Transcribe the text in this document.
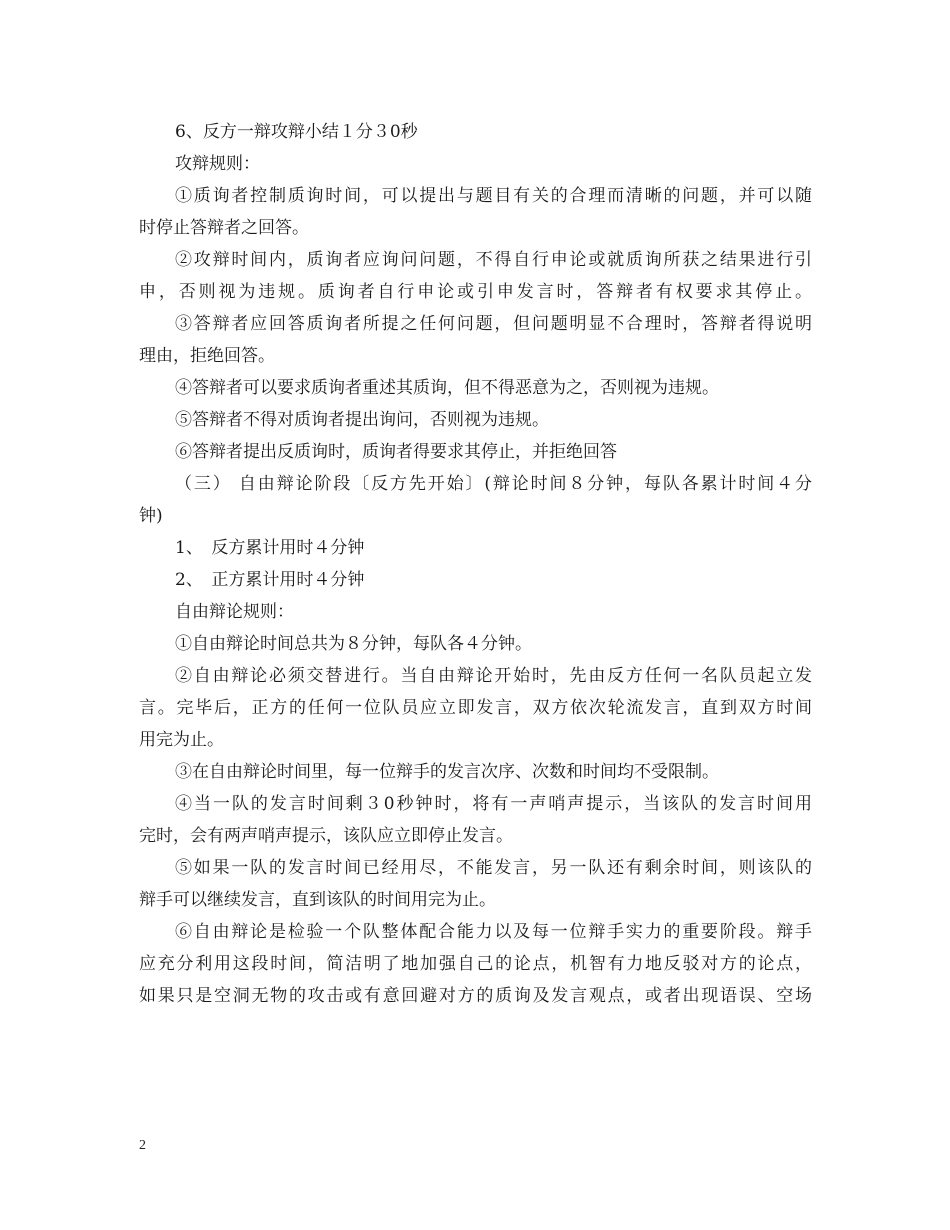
6、反方一辩攻辩小结１分３0秒
攻辩规则：
①质询者控制质询时间，可以提出与题目有关的合理而清晰的问题，并可以随
时停止答辩者之回答。
②攻辩时间内，质询者应询问问题，不得自行申论或就质询所获之结果进行引
申，否则视为违规。质询者自行申论或引申发言时，答辩者有权要求其停止。
③答辩者应回答质询者所提之任何问题，但问题明显不合理时，答辩者得说明
理由，拒绝回答。
④答辩者可以要求质询者重述其质询，但不得恶意为之，否则视为违规。
⑤答辩者不得对质询者提出询问，否则视为违规。
⑥答辩者提出反质询时，质询者得要求其停止，并拒绝回答
（三） 自由辩论阶段〔反方先开始〕(辩论时间８分钟，每队各累计时间４分
钟)
1、　反方累计用时４分钟
2、　正方累计用时４分钟
自由辩论规则：
①自由辩论时间总共为８分钟，每队各４分钟。
②自由辩论必须交替进行。当自由辩论开始时，先由反方任何一名队员起立发
言。完毕后，正方的任何一位队员应立即发言，双方依次轮流发言，直到双方时间
用完为止。
③在自由辩论时间里，每一位辩手的发言次序、次数和时间均不受限制。
④当一队的发言时间剩３0秒钟时，将有一声哨声提示，当该队的发言时间用
完时，会有两声哨声提示，该队应立即停止发言。
⑤如果一队的发言时间已经用尽，不能发言，另一队还有剩余时间，则该队的
辩手可以继续发言，直到该队的时间用完为止。
⑥自由辩论是检验一个队整体配合能力以及每一位辩手实力的重要阶段。辩手
应充分利用这段时间，简洁明了地加强自己的论点，机智有力地反驳对方的论点，
如果只是空洞无物的攻击或有意回避对方的质询及发言观点，或者出现语误、空场
2
